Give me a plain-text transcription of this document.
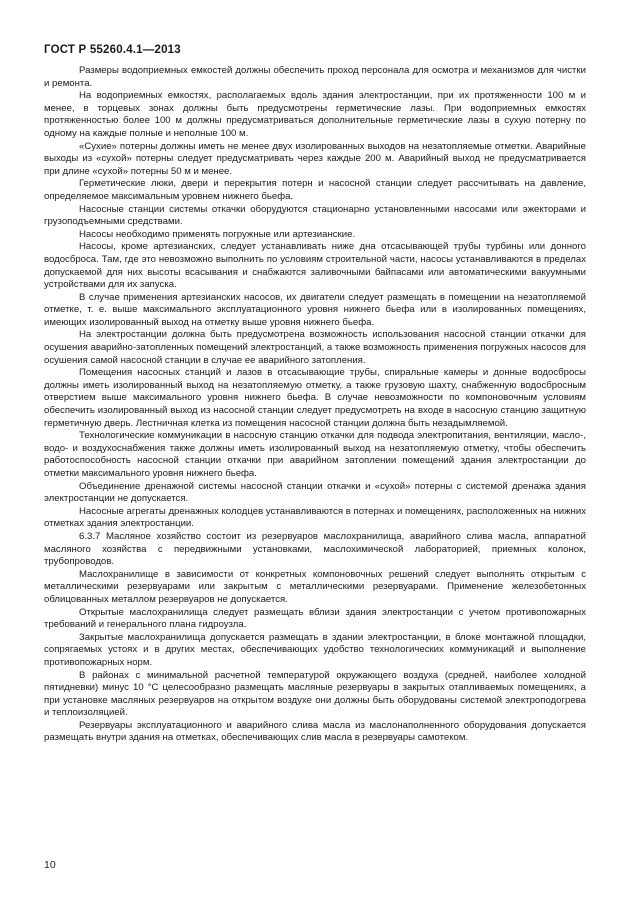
ГОСТ Р 55260.4.1—2013

Размеры водоприемных емкостей должны обеспечить проход персонала для осмотра и механизмов для чистки и ремонта.

На водоприемных емкостях, располагаемых вдоль здания электростанции, при их протяженности 100 м и менее, в торцевых зонах должны быть предусмотрены герметические лазы. При водоприемных емкостях протяженностью более 100 м должны предусматриваться дополнительные герметические лазы в сухую потерну по одному на каждые полные и неполные 100 м.

«Сухие» потерны должны иметь не менее двух изолированных выходов на незатопляемые отметки. Аварийные выходы из «сухой» потерны следует предусматривать через каждые 200 м. Аварийный выход не предусматривается при длине «сухой» потерны 50 м и менее.

Герметические люки, двери и перекрытия потерн и насосной станции следует рассчитывать на давление, определяемое максимальным уровнем нижнего бьефа.

Насосные станции системы откачки оборудуются стационарно установленными насосами или эжекторами и грузоподъемными средствами.

Насосы необходимо применять погружные или артезианские.

Насосы, кроме артезианских, следует устанавливать ниже дна отсасывающей трубы турбины или донного водосброса. Там, где это невозможно выполнить по условиям строительной части, насосы устанавливаются в пределах допускаемой для них высоты всасывания и снабжаются заливочными байпасами или автоматическими вакуумными устройствами для их запуска.

В случае применения артезианских насосов, их двигатели следует размещать в помещении на незатопляемой отметке, т. е. выше максимального эксплуатационного уровня нижнего бьефа или в изолированных помещениях, имеющих изолированный выход на отметку выше уровня нижнего бьефа.

На электростанции должна быть предусмотрена возможность использования насосной станции откачки для осушения аварийно-затопленных помещений электростанций, а также возможность применения погружных насосов для осушения самой насосной станции в случае ее аварийного затопления.

Помещения насосных станций и лазов в отсасывающие трубы, спиральные камеры и донные водосбросы должны иметь изолированный выход на незатопляемую отметку, а также грузовую шахту, снабженную водосбросным отверстием выше максимального уровня нижнего бьефа. В случае невозможности по компоновочным условиям обеспечить изолированный выход из насосной станции следует предусмотреть на входе в насосную станцию защитную герметичную дверь. Лестничная клетка из помещения насосной станции должна быть незадымляемой.

Технологические коммуникации в насосную станцию откачки для подвода электропитания, вентиляции, масло-, водо- и воздухоснабжения также должны иметь изолированный выход на незатопляемую отметку, чтобы обеспечить работоспособность насосной станции откачки при аварийном затоплении помещений здания электростанции до отметки максимального уровня нижнего бьефа.

Объединение дренажной системы насосной станции откачки и «сухой» потерны с системой дренажа здания электростанции не допускается.

Насосные агрегаты дренажных колодцев устанавливаются в потернах и помещениях, расположенных на нижних отметках здания электростанции.

6.3.7 Масляное хозяйство состоит из резервуаров маслохранилища, аварийного слива масла, аппаратной масляного хозяйства с передвижными установками, маслохимической лабораторией, приемных колонок, трубопроводов.

Маслохранилище в зависимости от конкретных компоновочных решений следует выполнять открытым с металлическими резервуарами или закрытым с металлическими резервуарами. Применение железобетонных облицованных металлом резервуаров не допускается.

Открытые маслохранилища следует размещать вблизи здания электростанции с учетом противопожарных требований и генерального плана гидроузла.

Закрытые маслохранилища допускается размещать в здании электростанции, в блоке монтажной площадки, сопрягаемых устоях и в других местах, обеспечивающих удобство технологических коммуникаций и выполнение противопожарных норм.

В районах с минимальной расчетной температурой окружающего воздуха (средней, наиболее холодной пятидневки) минус 10 °С целесообразно размещать масляные резервуары в закрытых отапливаемых помещениях, а при установке масляных резервуаров на открытом воздухе они должны быть оборудованы системой электроподогрева и теплоизоляцией.

Резервуары эксплуатационного и аварийного слива масла из маслонаполненного оборудования допускается размещать внутри здания на отметках, обеспечивающих слив масла в резервуары самотеком.

10
